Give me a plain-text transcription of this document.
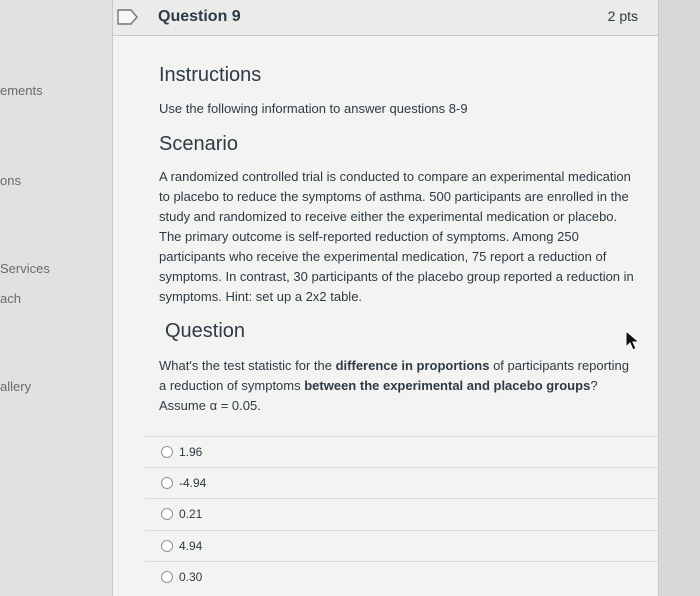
ements
ons
Services
ach
allery
Question 9	2 pts
Instructions
Use the following information to answer questions 8-9
Scenario
A randomized controlled trial is conducted to compare an experimental medication to placebo to reduce the symptoms of asthma. 500 participants are enrolled in the study and randomized to receive either the experimental medication or placebo. The primary outcome is self-reported reduction of symptoms. Among 250 participants who receive the experimental medication, 75 report a reduction of symptoms. In contrast, 30 participants of the placebo group reported a reduction in symptoms. Hint: set up a 2x2 table.
Question
What's the test statistic for the difference in proportions of participants reporting a reduction of symptoms between the experimental and placebo groups? Assume α = 0.05.
1.96
-4.94
0.21
4.94
0.30
